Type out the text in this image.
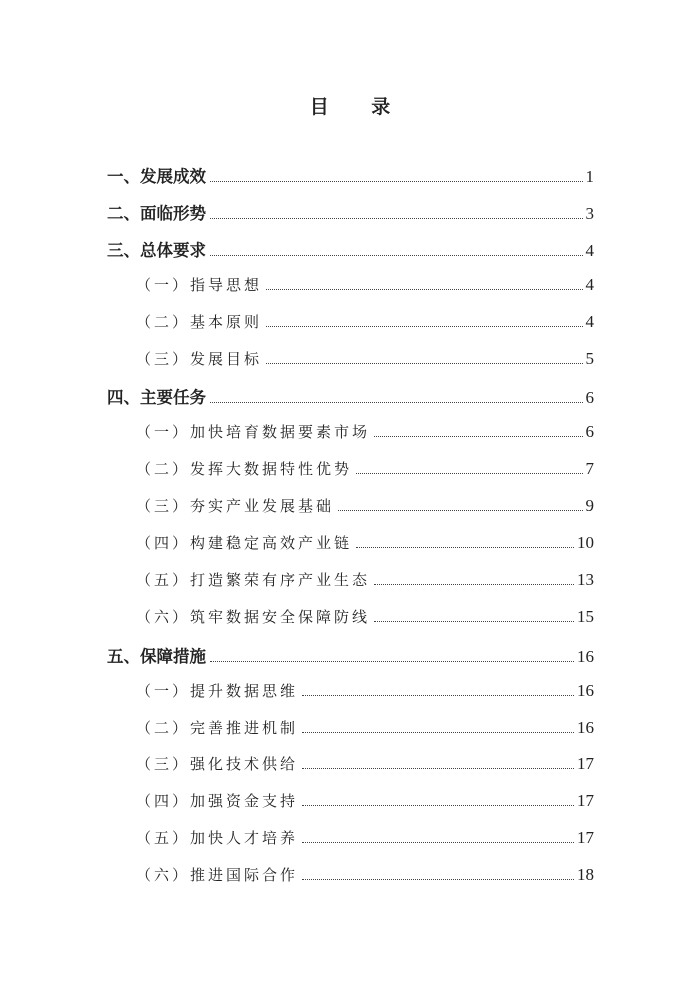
目 录
一、发展成效	1
二、面临形势	3
三、总体要求	4
（一）指导思想	4
（二）基本原则	4
（三）发展目标	5
四、主要任务	6
（一）加快培育数据要素市场	6
（二）发挥大数据特性优势	7
（三）夯实产业发展基础	9
（四）构建稳定高效产业链	10
（五）打造繁荣有序产业生态	13
（六）筑牢数据安全保障防线	15
五、保障措施	16
（一）提升数据思维	16
（二）完善推进机制	16
（三）强化技术供给	17
（四）加强资金支持	17
（五）加快人才培养	17
（六）推进国际合作	18
